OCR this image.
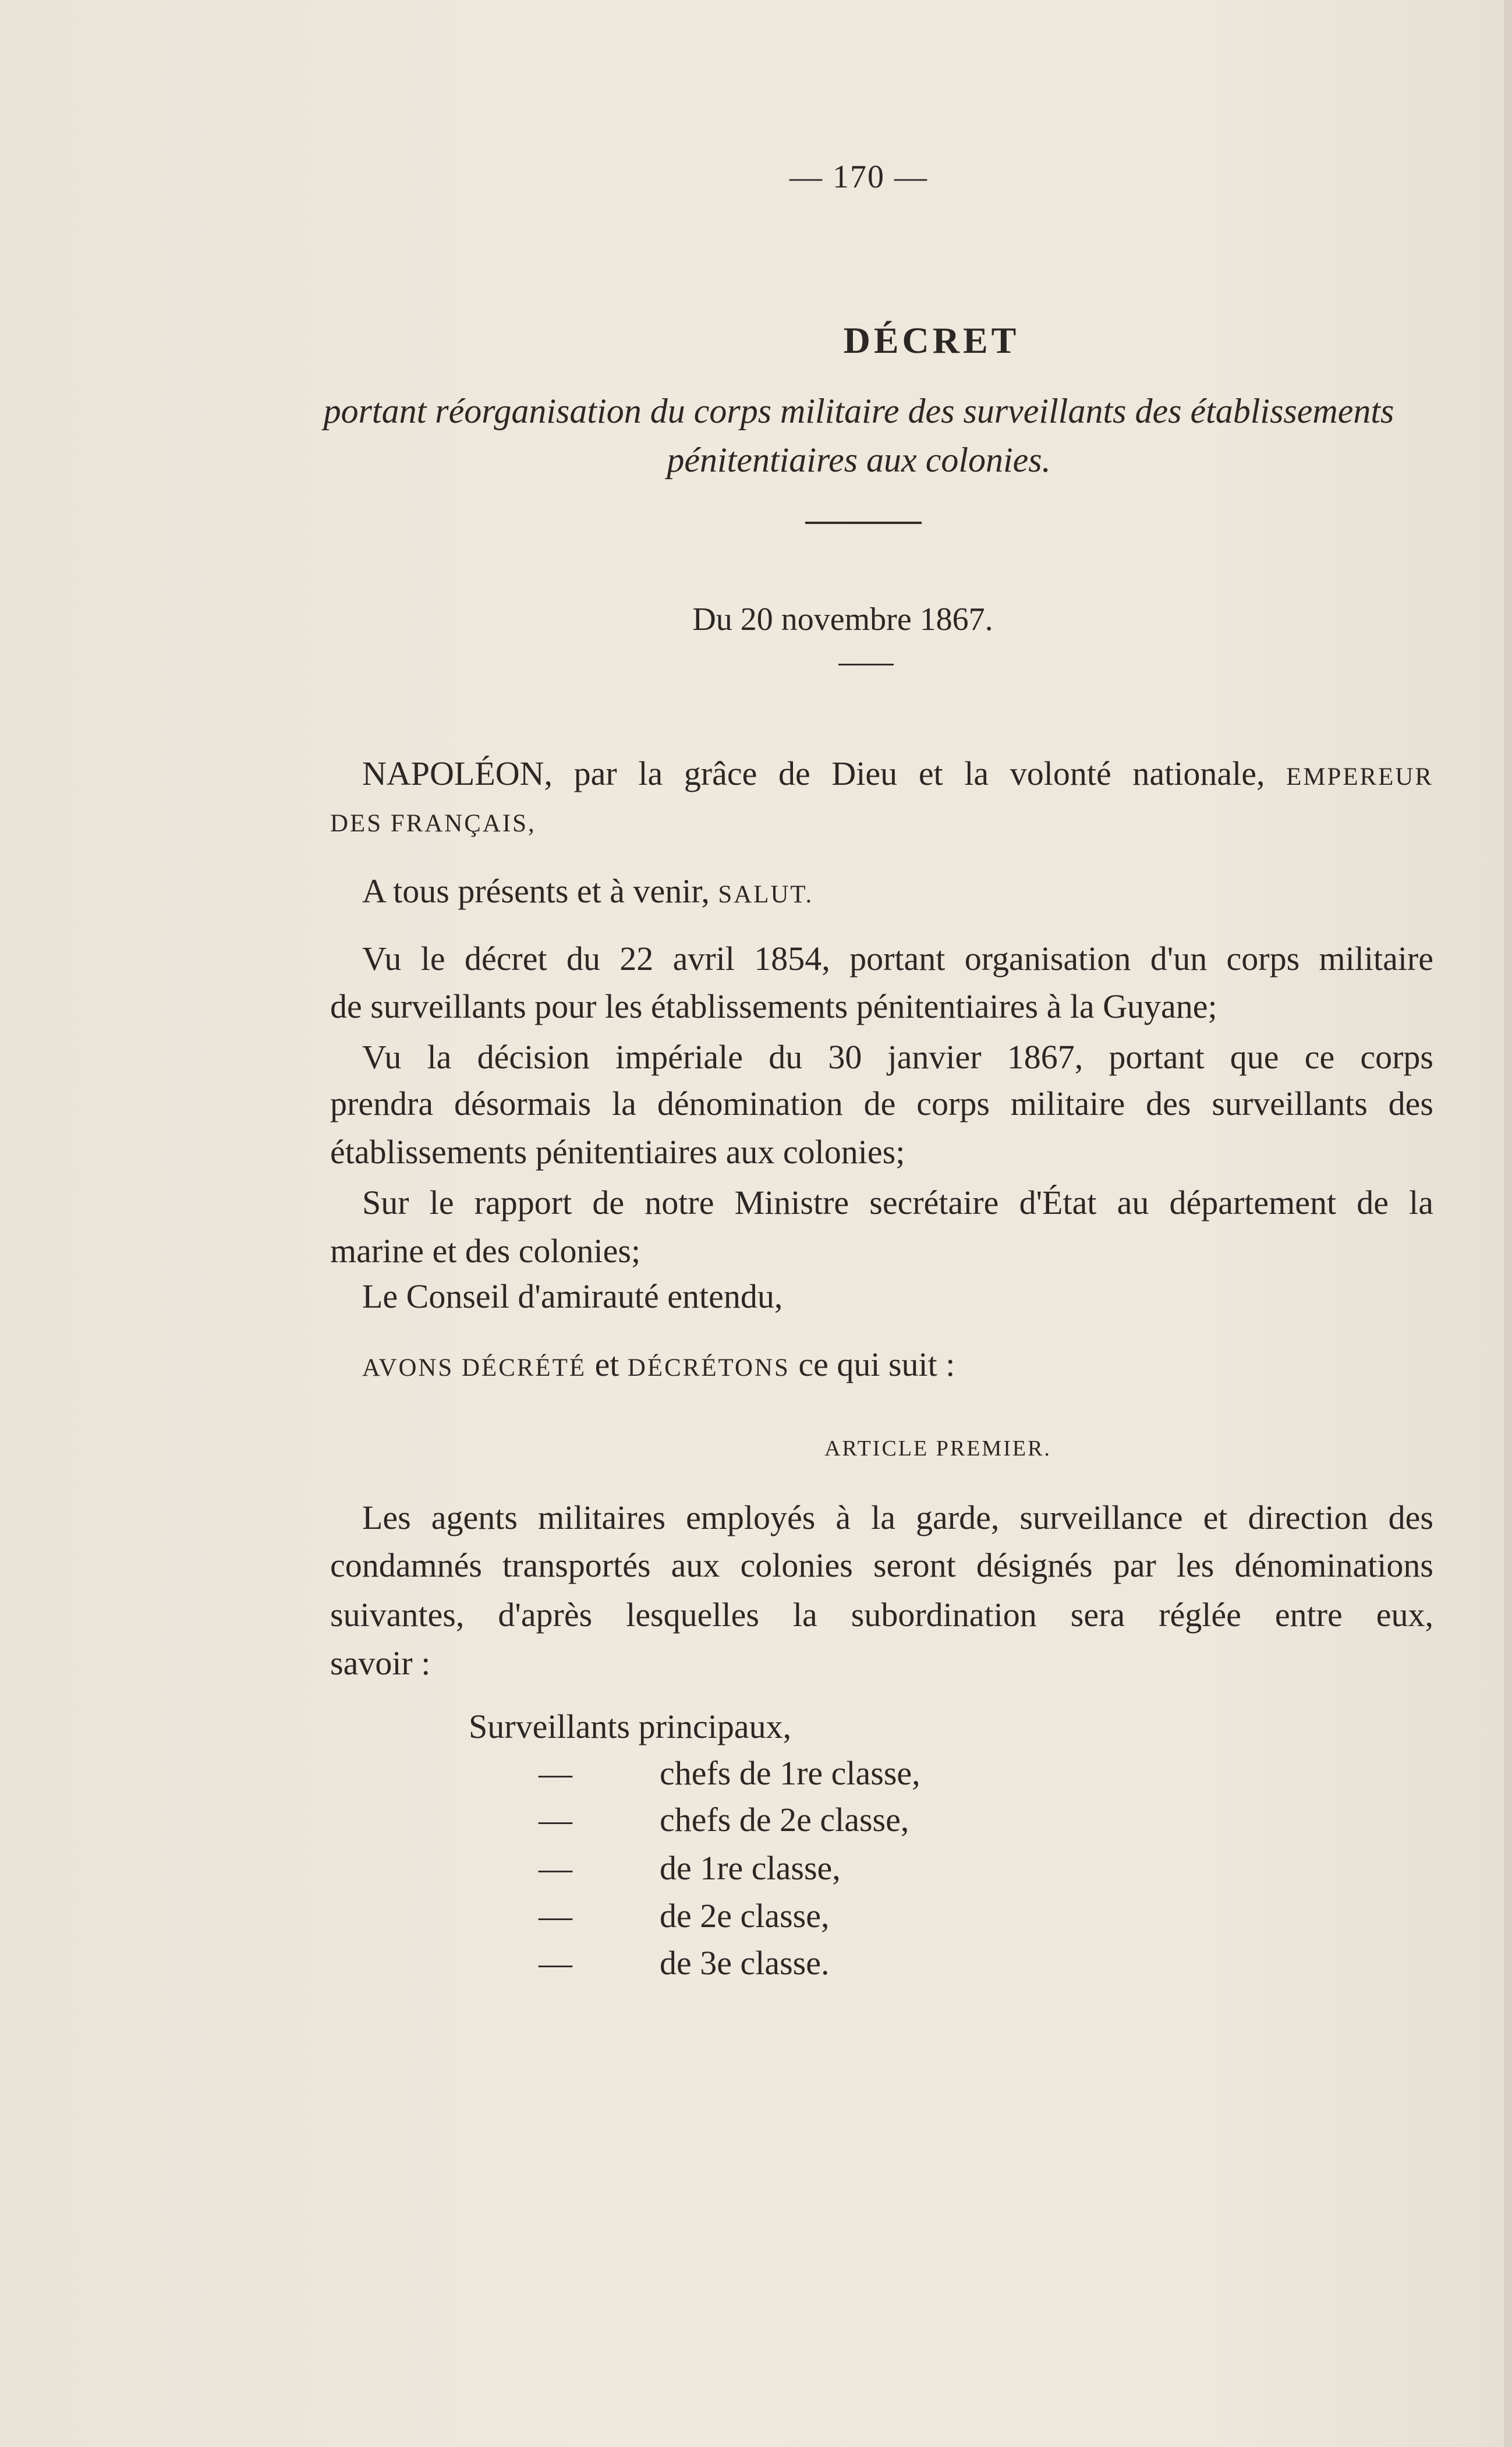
— 170 —
DÉCRET
portant réorganisation du corps militaire des surveillants des établissements
pénitentiaires aux colonies.
Du 20 novembre 1867.
NAPOLÉON, par la grâce de Dieu et la volonté nationale, EMPEREUR
DES FRANÇAIS,
A tous présents et à venir, SALUT.
Vu le décret du 22 avril 1854, portant organisation d'un corps militaire
de surveillants pour les établissements pénitentiaires à la Guyane;
Vu la décision impériale du 30 janvier 1867, portant que ce corps
prendra désormais la dénomination de corps militaire des surveillants des
établissements pénitentiaires aux colonies;
Sur le rapport de notre Ministre secrétaire d'État au département de la
marine et des colonies;
Le Conseil d'amirauté entendu,
AVONS DÉCRÉTÉ et DÉCRÉTONS ce qui suit :
ARTICLE PREMIER.
Les agents militaires employés à la garde, surveillance et direction des
condamnés transportés aux colonies seront désignés par les dénominations
suivantes, d'après lesquelles la subordination sera réglée entre eux,
savoir :
Surveillants principaux,
—	chefs de 1re classe,
—	chefs de 2e classe,
—	de 1re classe,
—	de 2e classe,
—	de 3e classe.
